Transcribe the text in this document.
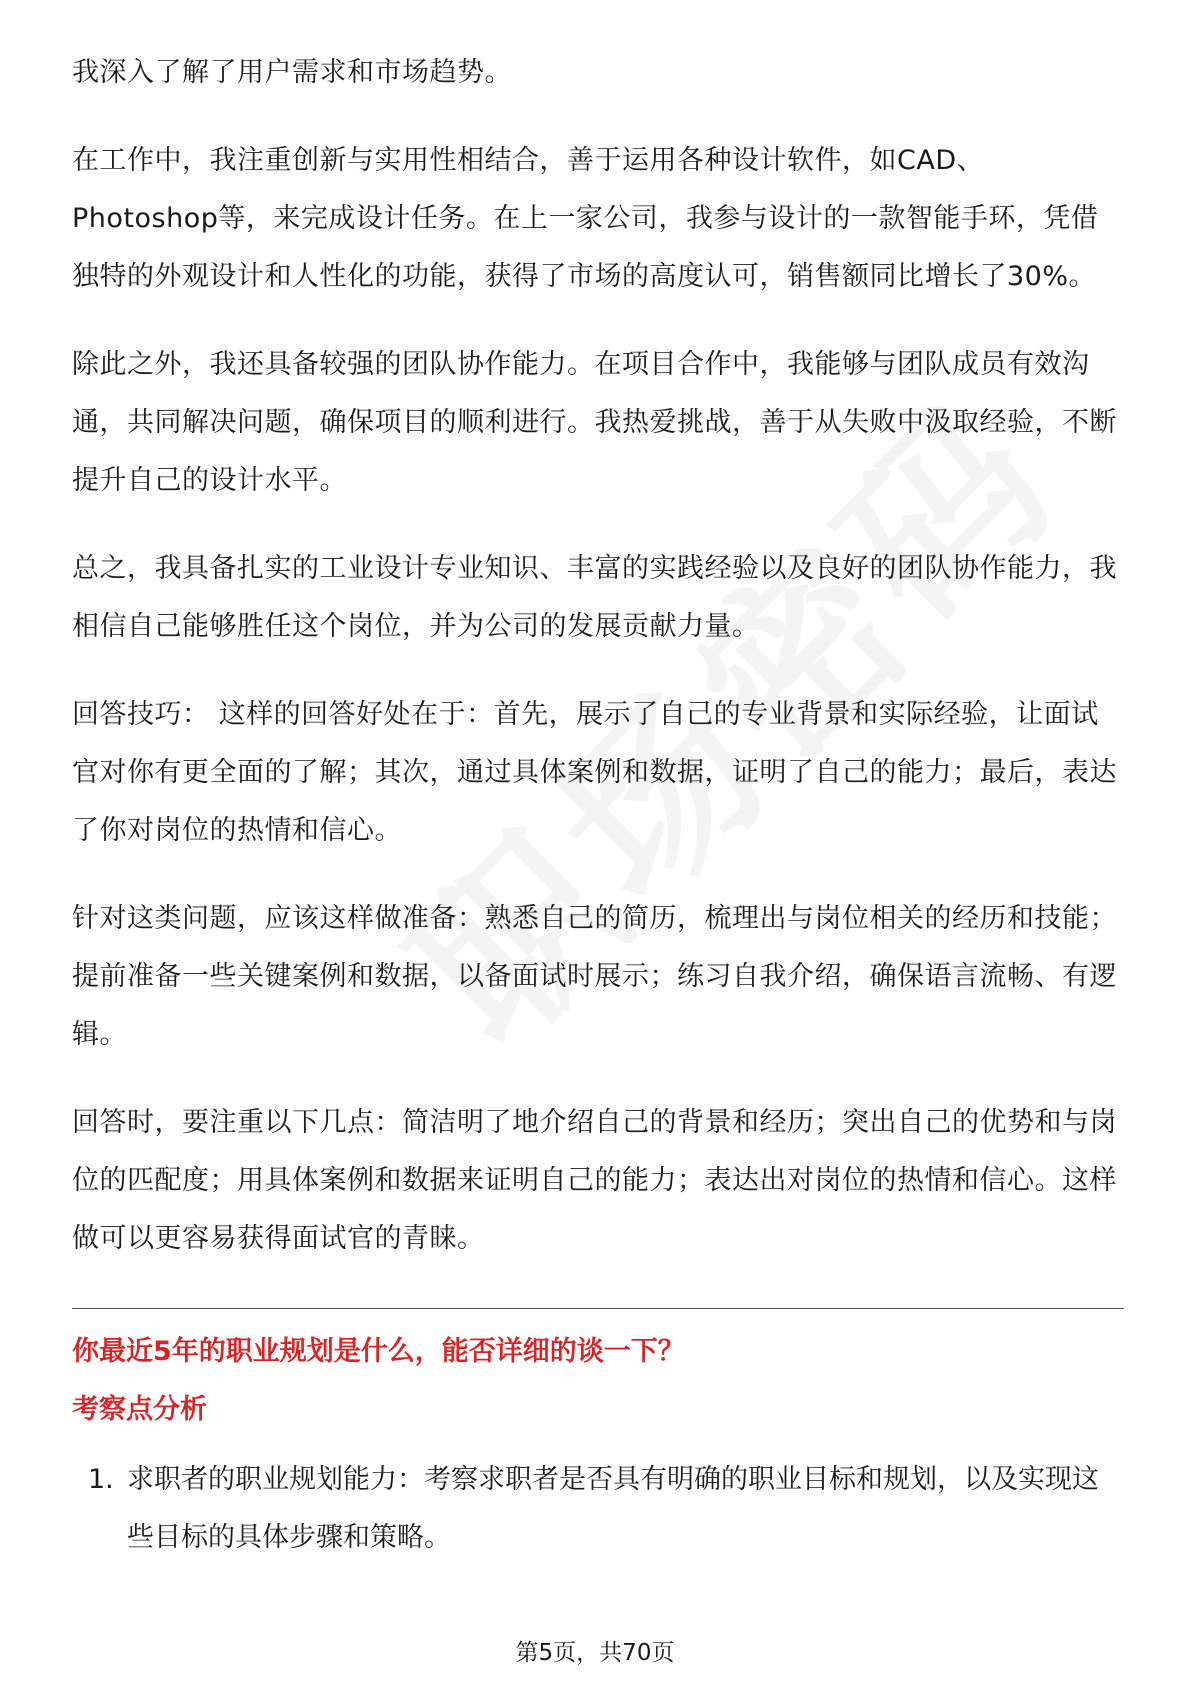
我深入了解了用户需求和市场趋势。

在工作中，我注重创新与实用性相结合，善于运用各种设计软件，如CAD、Photoshop等，来完成设计任务。在上一家公司，我参与设计的一款智能手环，凭借独特的外观设计和人性化的功能，获得了市场的高度认可，销售额同比增长了30%。

除此之外，我还具备较强的团队协作能力。在项目合作中，我能够与团队成员有效沟通，共同解决问题，确保项目的顺利进行。我热爱挑战，善于从失败中汲取经验，不断提升自己的设计水平。

总之，我具备扎实的工业设计专业知识、丰富的实践经验以及良好的团队协作能力，我相信自己能够胜任这个岗位，并为公司的发展贡献力量。

回答技巧： 这样的回答好处在于：首先，展示了自己的专业背景和实际经验，让面试官对你有更全面的了解；其次，通过具体案例和数据，证明了自己的能力；最后，表达了你对岗位的热情和信心。

针对这类问题，应该这样做准备：熟悉自己的简历，梳理出与岗位相关的经历和技能；提前准备一些关键案例和数据，以备面试时展示；练习自我介绍，确保语言流畅、有逻辑。

回答时，要注重以下几点：简洁明了地介绍自己的背景和经历；突出自己的优势和与岗位的匹配度；用具体案例和数据来证明自己的能力；表达出对岗位的热情和信心。这样做可以更容易获得面试官的青睐。

你最近5年的职业规划是什么，能否详细的谈一下？

考察点分析

1. 求职者的职业规划能力：考察求职者是否具有明确的职业目标和规划，以及实现这些目标的具体步骤和策略。
第5页，共70页
